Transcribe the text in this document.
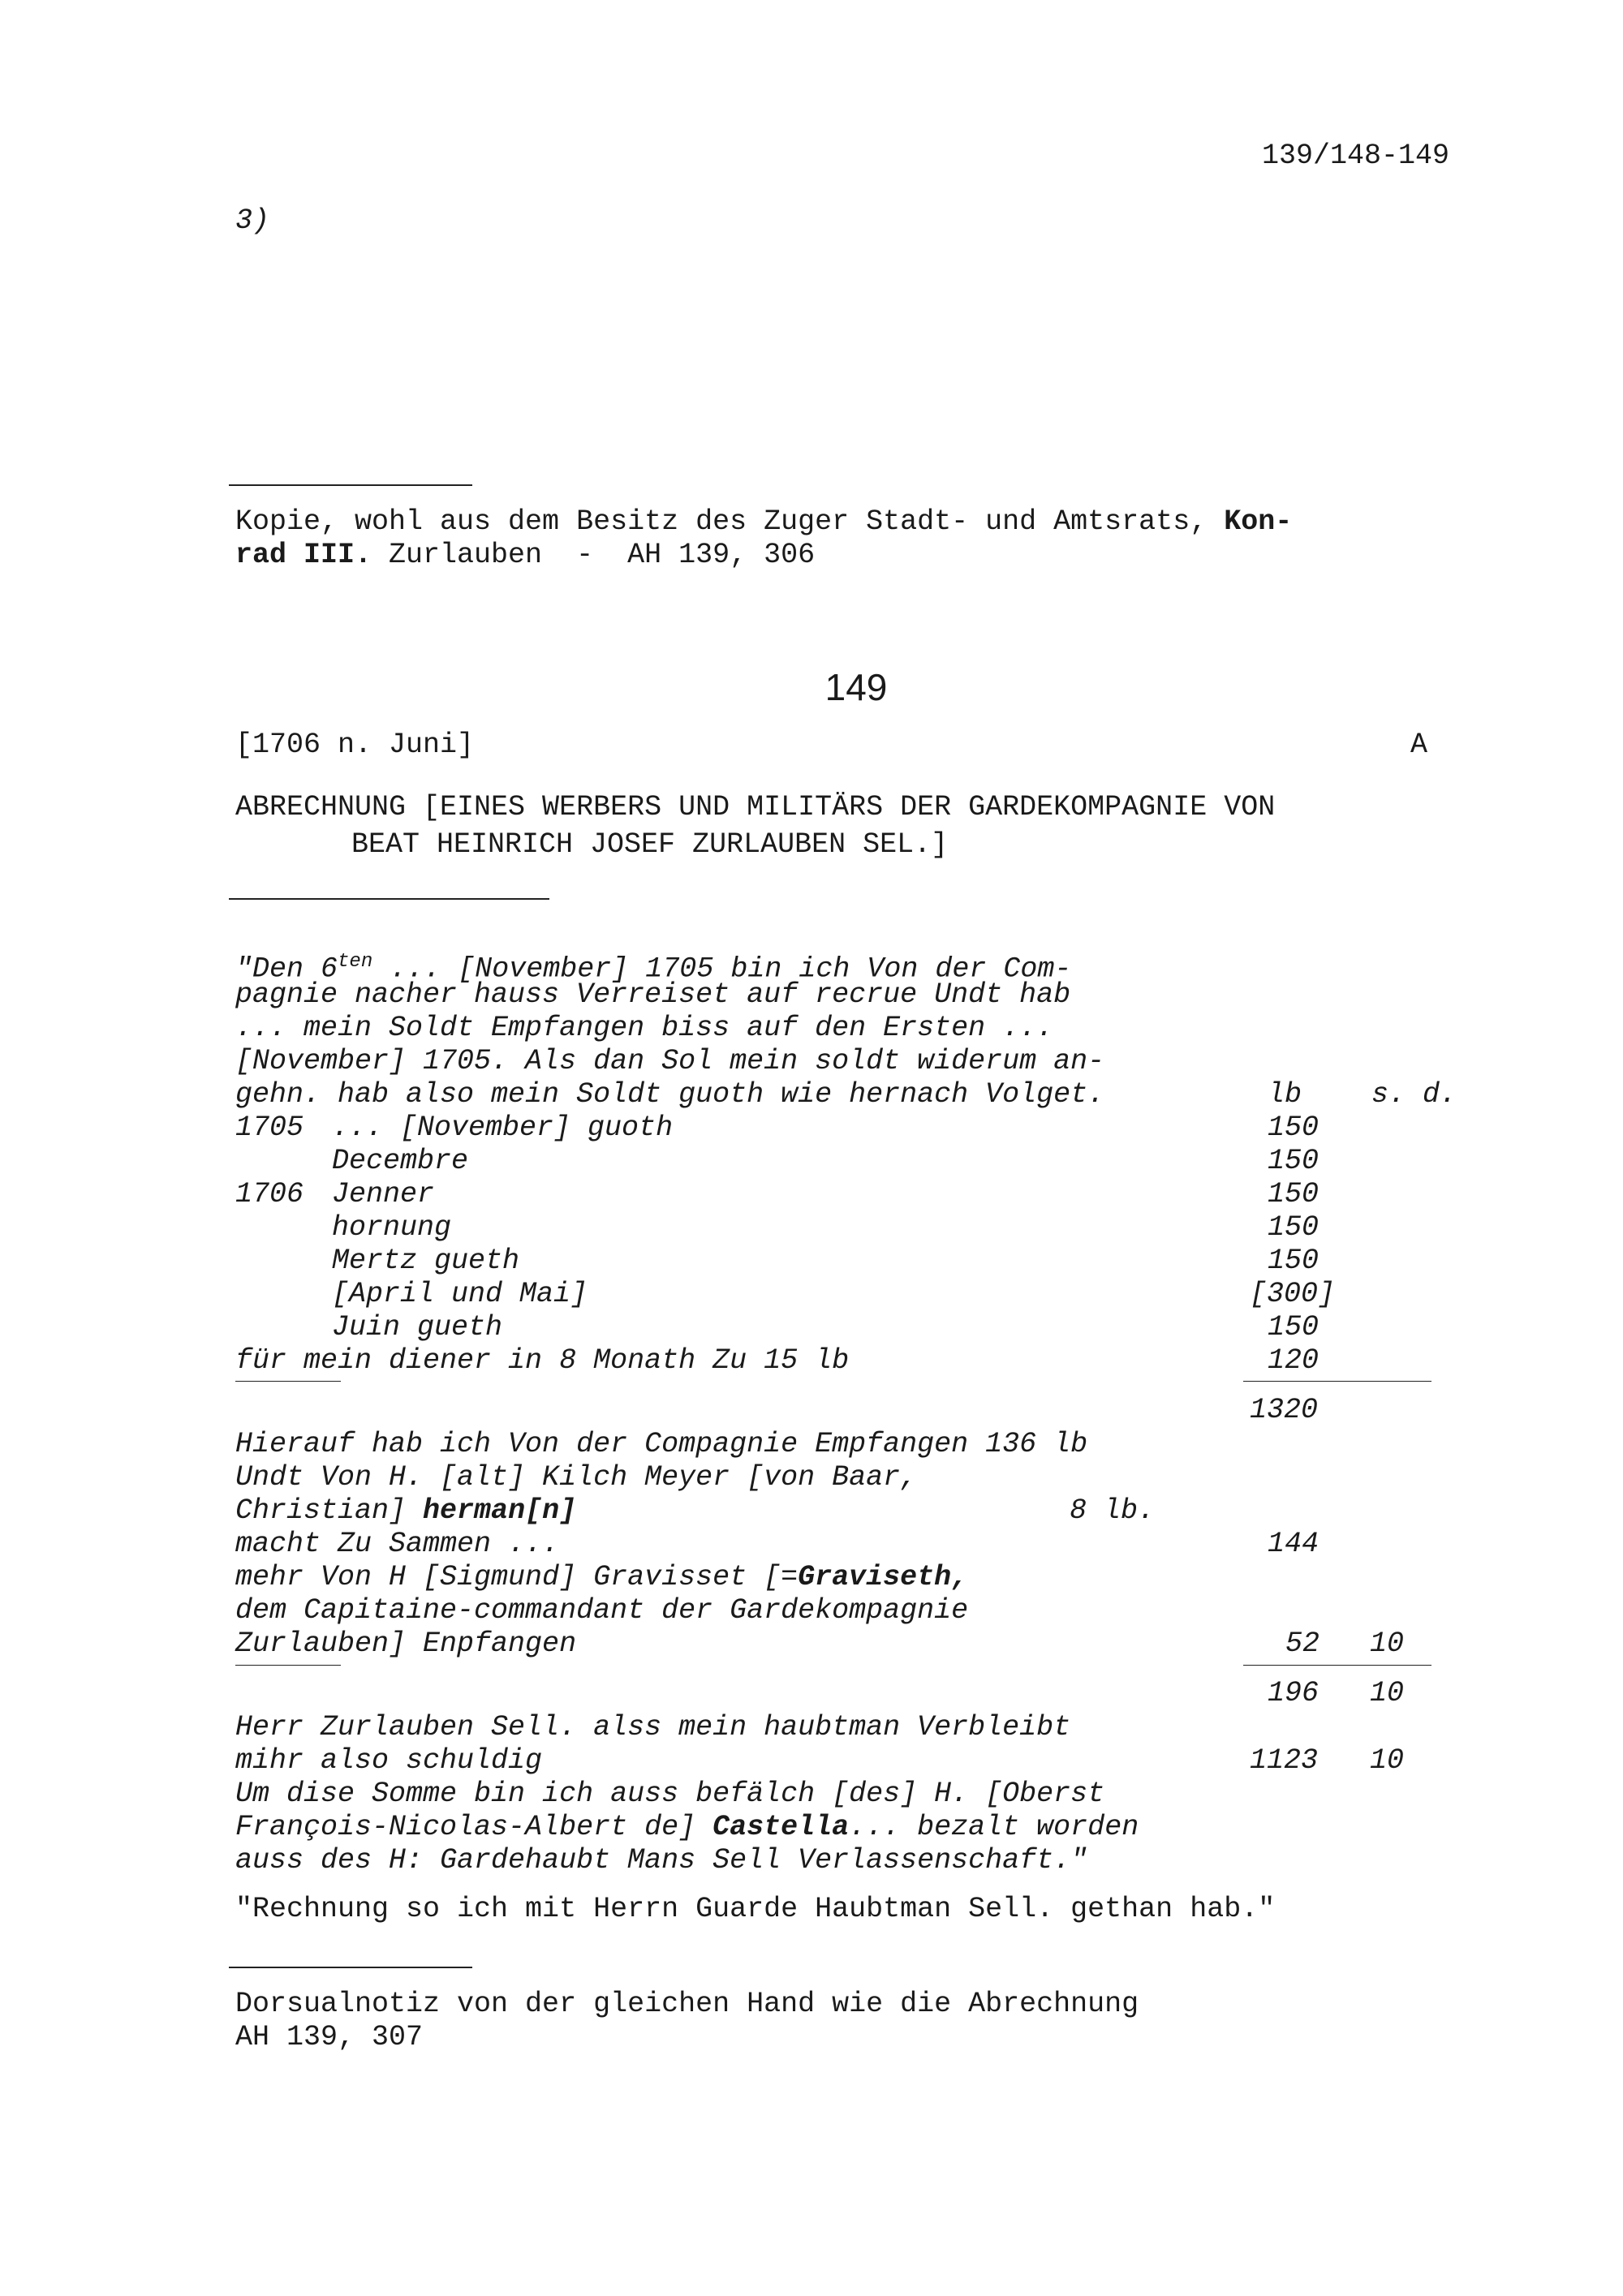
139/148-149
3)
Kopie, wohl aus dem Besitz des Zuger Stadt- und Amtsrats, Kon-
rad III. Zurlauben  -  AH 139, 306
149
[1706 n. Juni]	A
ABRECHNUNG [EINES WERBERS UND MILITÄRS DER GARDEKOMPAGNIE VON
BEAT HEINRICH JOSEF ZURLAUBEN SEL.]
"Den $6^{ten}$ ... [November] 1705 bin ich Von der Com-
pagnie nacher hauss Verreiset auf recrue Undt hab
... mein Soldt Empfangen biss auf den Ersten ...
[November] 1705. Als dan Sol mein soldt widerum an-
gehn. hab also mein Soldt guoth wie hernach Volget.	lb s. d.
1705 ... [November] guoth	150
Decembre	150
1706 Jenner	150
hornung	150
Mertz gueth	150
[April und Mai]	[300]
Juin gueth	150
für mein diener in 8 Monath Zu 15 lb	120
1320
Hierauf hab ich Von der Compagnie Empfangen 136 lb
Undt Von H. [alt] Kilch Meyer [von Baar,
Christian] herman[n]	8 lb.
macht Zu Sammen ...	144
mehr Von H [Sigmund] Gravisset [=Graviseth,
dem Capitaine-commandant der Gardekompagnie
Zurlauben] Enpfangen	52 10
196 10
Herr Zurlauben Sell. alss mein haubtman Verbleibt
mihr also schuldig	1123 10
Um dise Somme bin ich auss befälch [des] H. [Oberst
François-Nicolas-Albert de] Castella... bezalt worden
auss des H: Gardehaubt Mans Sell Verlassenschaft."
"Rechnung so ich mit Herrn Guarde Haubtman Sell. gethan hab."
Dorsualnotiz von der gleichen Hand wie die Abrechnung
AH 139, 307
